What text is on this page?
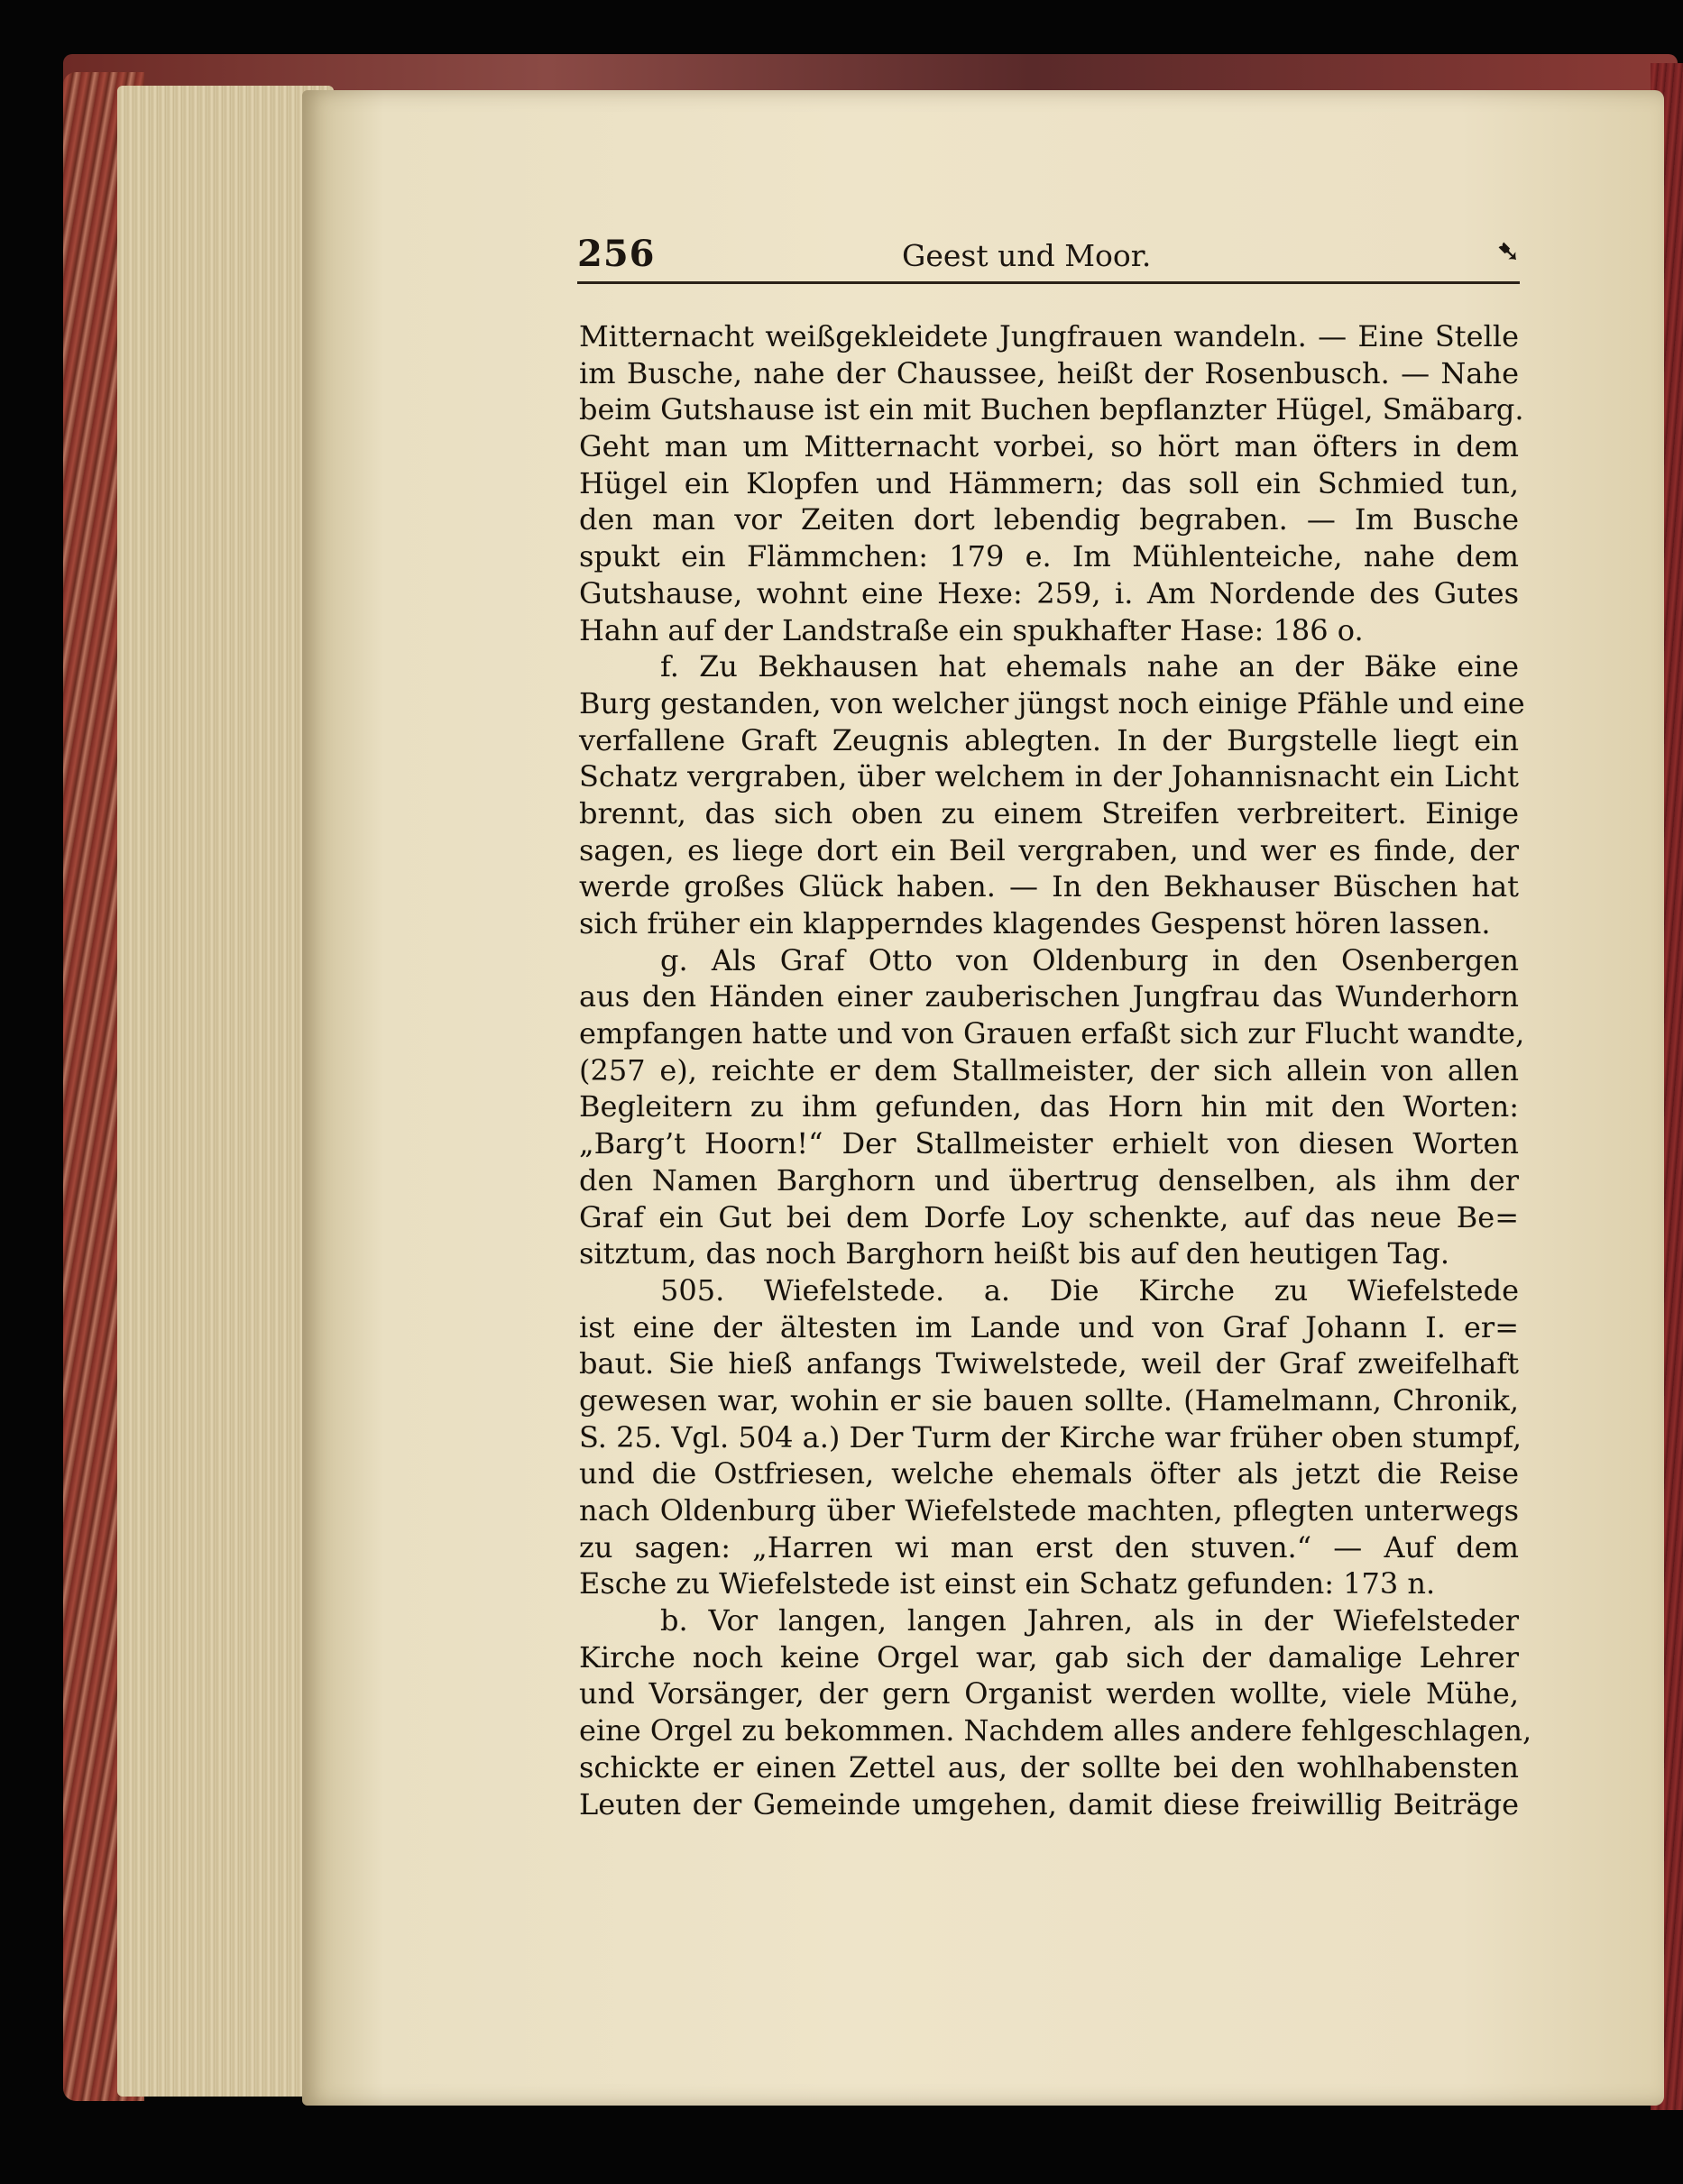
256	Geest und Moor.	➷
Mitternacht weißgekleidete Jungfrauen wandeln. — Eine Stelle
im Busche, nahe der Chaussee, heißt der Rosenbusch. — Nahe
beim Gutshause ist ein mit Buchen bepflanzter Hügel, Smäbarg.
Geht man um Mitternacht vorbei, so hört man öfters in dem
Hügel ein Klopfen und Hämmern; das soll ein Schmied tun,
den man vor Zeiten dort lebendig begraben. — Im Busche
spukt ein Flämmchen: 179 e. Im Mühlenteiche, nahe dem
Gutshause, wohnt eine Hexe: 259, i. Am Nordende des Gutes
Hahn auf der Landstraße ein spukhafter Hase: 186 o.
f. Zu Bekhausen hat ehemals nahe an der Bäke eine
Burg gestanden, von welcher jüngst noch einige Pfähle und eine
verfallene Graft Zeugnis ablegten. In der Burgstelle liegt ein
Schatz vergraben, über welchem in der Johannisnacht ein Licht
brennt, das sich oben zu einem Streifen verbreitert. Einige
sagen, es liege dort ein Beil vergraben, und wer es finde, der
werde großes Glück haben. — In den Bekhauser Büschen hat
sich früher ein klapperndes klagendes Gespenst hören lassen.
g. Als Graf Otto von Oldenburg in den Osenbergen
aus den Händen einer zauberischen Jungfrau das Wunderhorn
empfangen hatte und von Grauen erfaßt sich zur Flucht wandte,
(257 e), reichte er dem Stallmeister, der sich allein von allen
Begleitern zu ihm gefunden, das Horn hin mit den Worten:
„Barg’t Hoorn!“ Der Stallmeister erhielt von diesen Worten
den Namen Barghorn und übertrug denselben, als ihm der
Graf ein Gut bei dem Dorfe Loy schenkte, auf das neue Be=
sitztum, das noch Barghorn heißt bis auf den heutigen Tag.
505. Wiefelstede. a. Die Kirche zu Wiefelstede
ist eine der ältesten im Lande und von Graf Johann I. er=
baut. Sie hieß anfangs Twiwelstede, weil der Graf zweifelhaft
gewesen war, wohin er sie bauen sollte. (Hamelmann, Chronik,
S. 25. Vgl. 504 a.) Der Turm der Kirche war früher oben stumpf,
und die Ostfriesen, welche ehemals öfter als jetzt die Reise
nach Oldenburg über Wiefelstede machten, pflegten unterwegs
zu sagen: „Harren wi man erst den stuven.“ — Auf dem
Esche zu Wiefelstede ist einst ein Schatz gefunden: 173 n.
b. Vor langen, langen Jahren, als in der Wiefelsteder
Kirche noch keine Orgel war, gab sich der damalige Lehrer
und Vorsänger, der gern Organist werden wollte, viele Mühe,
eine Orgel zu bekommen. Nachdem alles andere fehlgeschlagen,
schickte er einen Zettel aus, der sollte bei den wohlhabensten
Leuten der Gemeinde umgehen, damit diese freiwillig Beiträge
